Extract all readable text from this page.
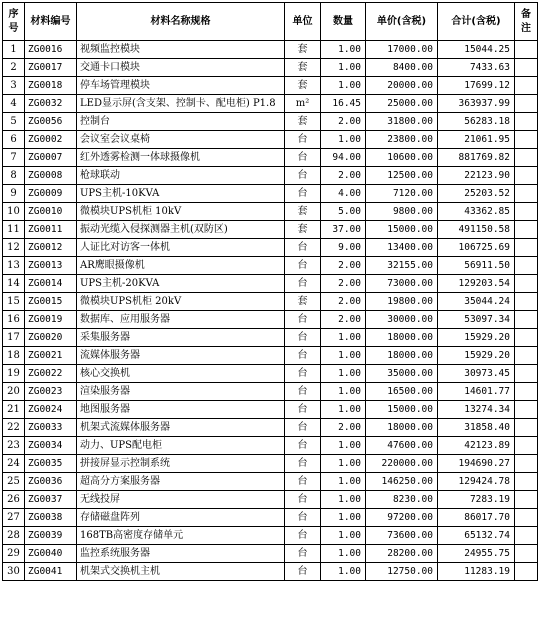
序号	材料编号	材料名称规格	单位	数量	单价(含税)	合计(含税)	备注
1	ZG0016	视频监控模块	套	1.00	17000.00	15044.25	
2	ZG0017	交通卡口模块	套	1.00	8400.00	7433.63	
3	ZG0018	停车场管理模块	套	1.00	20000.00	17699.12	
4	ZG0032	LED显示屏(含支架、控制卡、配电柜) P1.8	m²	16.45	25000.00	363937.99	
5	ZG0056	控制台	套	2.00	31800.00	56283.18	
6	ZG0002	会议室会议桌椅	台	1.00	23800.00	21061.95	
7	ZG0007	红外透雾检测一体球摄像机	台	94.00	10600.00	881769.82	
8	ZG0008	枪球联动	台	2.00	12500.00	22123.90	
9	ZG0009	UPS主机-10KVA	台	4.00	7120.00	25203.52	
10	ZG0010	微模块UPS机柜 10kV	套	5.00	9800.00	43362.85	
11	ZG0011	振动光缆入侵探测器主机(双防区)	套	37.00	15000.00	491150.58	
12	ZG0012	人证比对访客一体机	台	9.00	13400.00	106725.69	
13	ZG0013	AR鹰眼摄像机	台	2.00	32155.00	56911.50	
14	ZG0014	UPS主机-20KVA	台	2.00	73000.00	129203.54	
15	ZG0015	微模块UPS机柜 20kV	套	2.00	19800.00	35044.24	
16	ZG0019	数据库、应用服务器	台	2.00	30000.00	53097.34	
17	ZG0020	采集服务器	台	1.00	18000.00	15929.20	
18	ZG0021	流媒体服务器	台	1.00	18000.00	15929.20	
19	ZG0022	核心交换机	台	1.00	35000.00	30973.45	
20	ZG0023	渲染服务器	台	1.00	16500.00	14601.77	
21	ZG0024	地图服务器	台	1.00	15000.00	13274.34	
22	ZG0033	机架式流媒体服务器	台	2.00	18000.00	31858.40	
23	ZG0034	动力、UPS配电柜	台	1.00	47600.00	42123.89	
24	ZG0035	拼接屏显示控制系统	台	1.00	220000.00	194690.27	
25	ZG0036	超高分方案服务器	台	1.00	146250.00	129424.78	
26	ZG0037	无线投屏	台	1.00	8230.00	7283.19	
27	ZG0038	存储磁盘阵列	台	1.00	97200.00	86017.70	
28	ZG0039	168TB高密度存储单元	台	1.00	73600.00	65132.74	
29	ZG0040	监控系统服务器	台	1.00	28200.00	24955.75	
30	ZG0041	机架式交换机主机	台	1.00	12750.00	11283.19	
